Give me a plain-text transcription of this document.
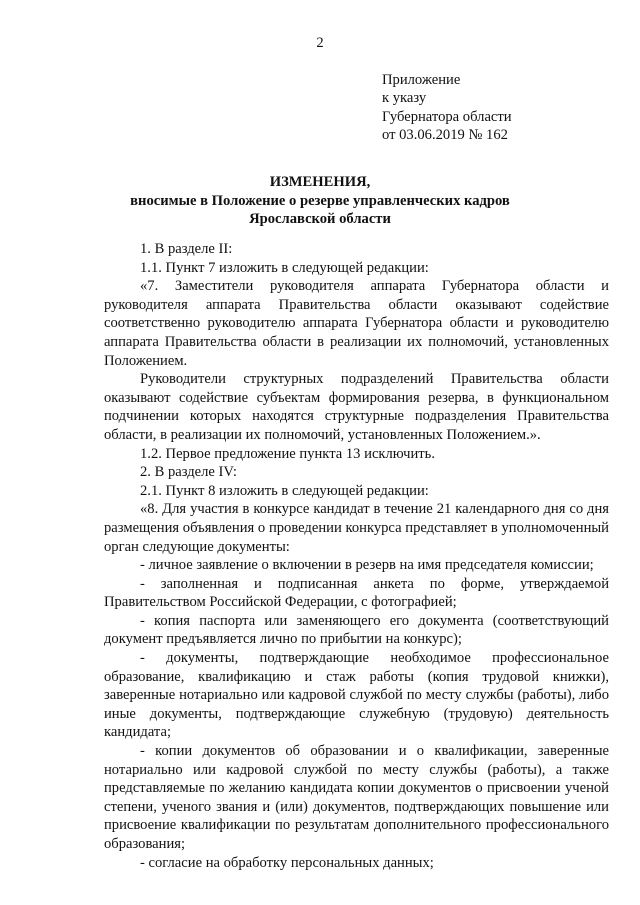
2
Приложение
к указу
Губернатора области
от 03.06.2019 № 162
ИЗМЕНЕНИЯ,
вносимые в Положение о резерве управленческих кадров
Ярославской области

1. В разделе II:

1.1. Пункт 7 изложить в следующей редакции:

«7. Заместители руководителя аппарата Губернатора области и руководителя аппарата Правительства области оказывают содействие соответственно руководителю аппарата Губернатора области и руководителю аппарата Правительства области в реализации их полномочий, установленных Положением.

Руководители структурных подразделений Правительства области оказывают содействие субъектам формирования резерва, в функциональном подчинении которых находятся структурные подразделения Правительства области, в реализации их полномочий, установленных Положением.».

1.2. Первое предложение пункта 13 исключить.

2. В разделе IV:

2.1. Пункт 8 изложить в следующей редакции:

«8. Для участия в конкурсе кандидат в течение 21 календарного дня со дня размещения объявления о проведении конкурса представляет в уполномоченный орган следующие документы:

- личное заявление о включении в резерв на имя председателя комиссии;

- заполненная и подписанная анкета по форме, утверждаемой Правительством Российской Федерации, с фотографией;

- копия паспорта или заменяющего его документа (соответствующий документ предъявляется лично по прибытии на конкурс);

- документы, подтверждающие необходимое профессиональное образование, квалификацию и стаж работы (копия трудовой книжки), заверенные нотариально или кадровой службой по месту службы (работы), либо иные документы, подтверждающие служебную (трудовую) деятельность кандидата;

- копии документов об образовании и о квалификации, заверенные нотариально или кадровой службой по месту службы (работы), а также представляемые по желанию кандидата копии документов о присвоении ученой степени, ученого звания и (или) документов, подтверждающих повышение или присвоение квалификации по результатам дополнительного профессионального образования;

- согласие на обработку персональных данных;
